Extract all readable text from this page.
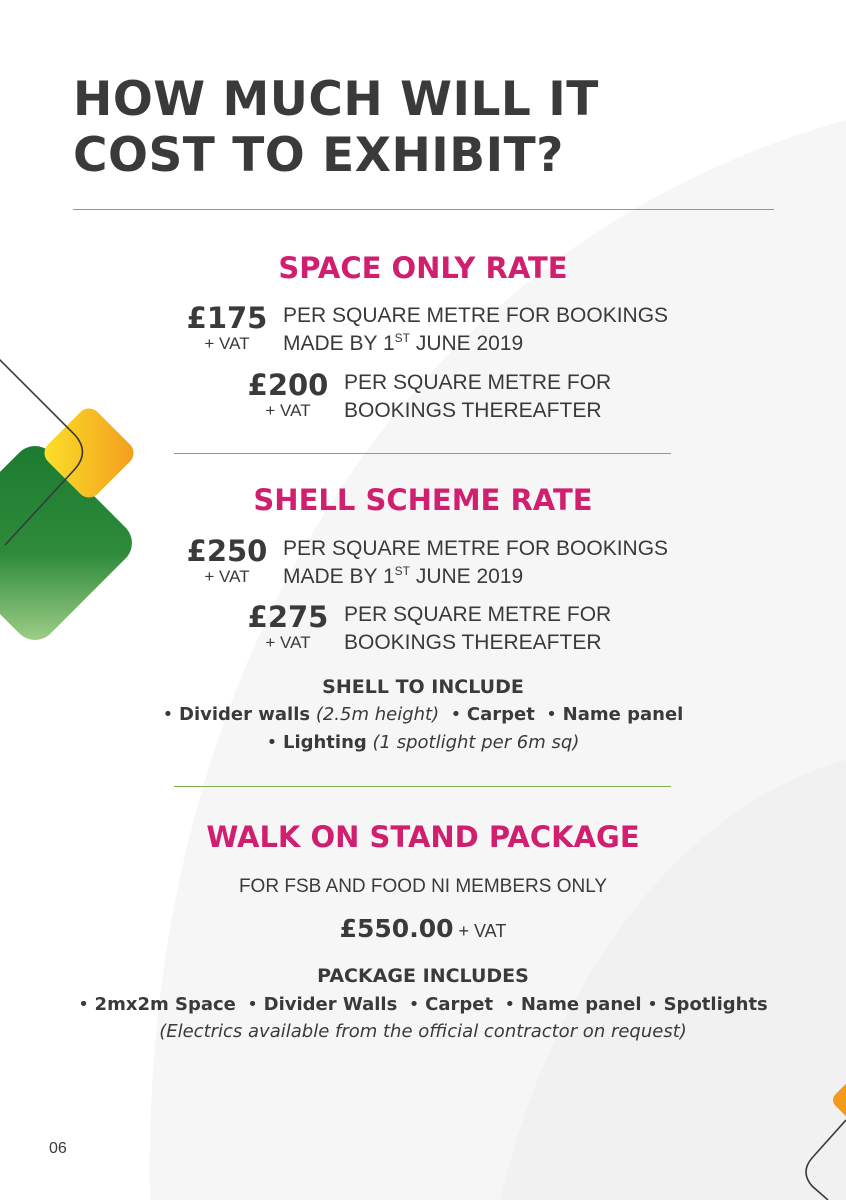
HOW MUCH WILL IT
COST TO EXHIBIT?
SPACE ONLY RATE
£175
+ VAT
PER SQUARE METRE FOR BOOKINGS
MADE BY 1ST JUNE 2019
£200
+ VAT
PER SQUARE METRE FOR
BOOKINGS THEREAFTER
SHELL SCHEME RATE
£250
+ VAT
PER SQUARE METRE FOR BOOKINGS
MADE BY 1ST JUNE 2019
£275
+ VAT
PER SQUARE METRE FOR
BOOKINGS THEREAFTER
SHELL TO INCLUDE
• Divider walls (2.5m height)  • Carpet  • Name panel
• Lighting (1 spotlight per 6m sq)
WALK ON STAND PACKAGE
FOR FSB AND FOOD NI MEMBERS ONLY
£550.00 + VAT
PACKAGE INCLUDES
• 2mx2m Space  • Divider Walls  • Carpet  • Name panel • Spotlights
(Electrics available from the official contractor on request)
06
